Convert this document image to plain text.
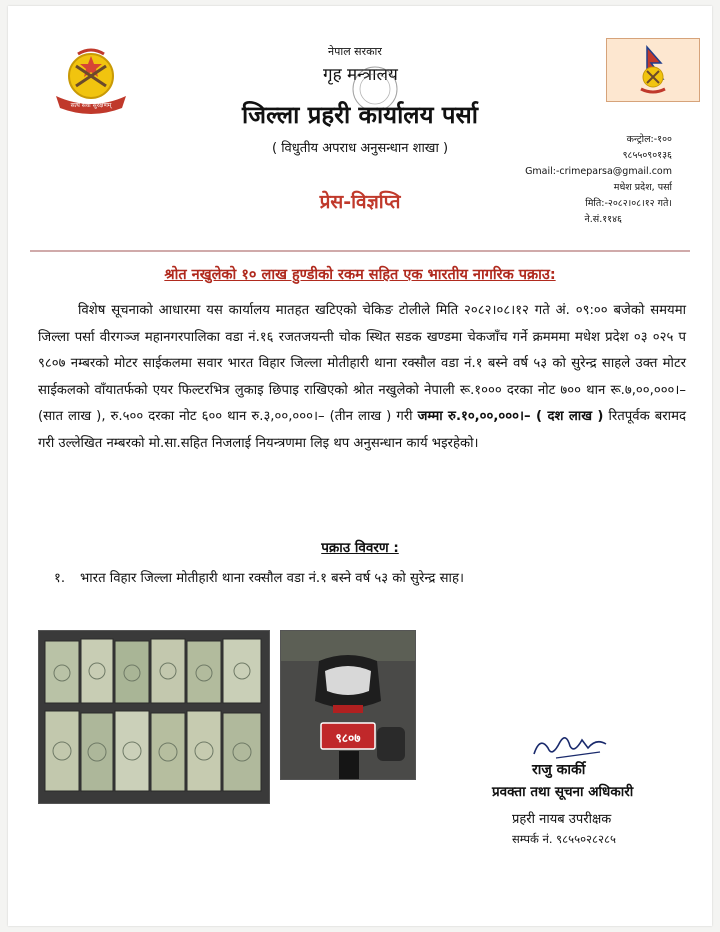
सत्य सेवा सुरक्षणम्
नेपाल सरकार
गृह मन्त्रालय
जिल्ला प्रहरी कार्यालय पर्सा
( विधुतीय अपराध अनुसन्धान शाखा )
कन्ट्रोल:-१००
९८५५०९०१३६
Gmail:-crimeparsa@gmail.com
मधेश प्रदेश, पर्सा
मिति:-२०८२।०८।१२ गते।
ने.सं.११४६
प्रेस-विज्ञप्ति
श्रोत नखुलेको १० लाख हुण्डीको रकम सहित एक भारतीय नागरिक पक्राउ:
विशेष सूचनाको आधारमा यस कार्यालय मातहत खटिएको चेकिङ टोलीले मिति २०८२।०८।१२ गते अं. ०९:०० बजेको समयमा जिल्ला पर्सा वीरगञ्ज महानगरपालिका वडा नं.१६ रजतजयन्ती चोक स्थित सडक खण्डमा चेकजाँच गर्ने क्रमममा मधेश प्रदेश ०३ ०२५ प ९८०७ नम्बरको मोटर साईकलमा सवार भारत विहार जिल्ला मोतीहारी थाना रक्सौल वडा नं.१ बस्ने वर्ष ५३ को सुरेन्द्र साहले उक्त मोटर साईकलको वाँयातर्फको एयर फिल्टरभित्र लुकाइ छिपाइ राखिएको श्रोत नखुलेको नेपाली रू.१००० दरका नोट ७०० थान रू.७,००,०००।– (सात लाख ), रु.५०० दरका नोट ६०० थान रु.३,००,०००।– (तीन लाख ) गरी जम्मा रु.१०,००,०००।– ( दश लाख ) रितपूर्वक बरामद गरी उल्लेखित नम्बरको मो.सा.सहित निजलाई नियन्त्रणमा लिइ थप अनुसन्धान कार्य भइरहेको।
पक्राउ विवरण :
१. भारत विहार जिल्ला मोतीहारी थाना रक्सौल वडा नं.१ बस्ने वर्ष ५३ को सुरेन्द्र साह।
९८०७
राजु कार्की
प्रवक्ता तथा सूचना अधिकारी
प्रहरी नायब उपरीक्षक
सम्पर्क नं. ९८५५०२८२८५
